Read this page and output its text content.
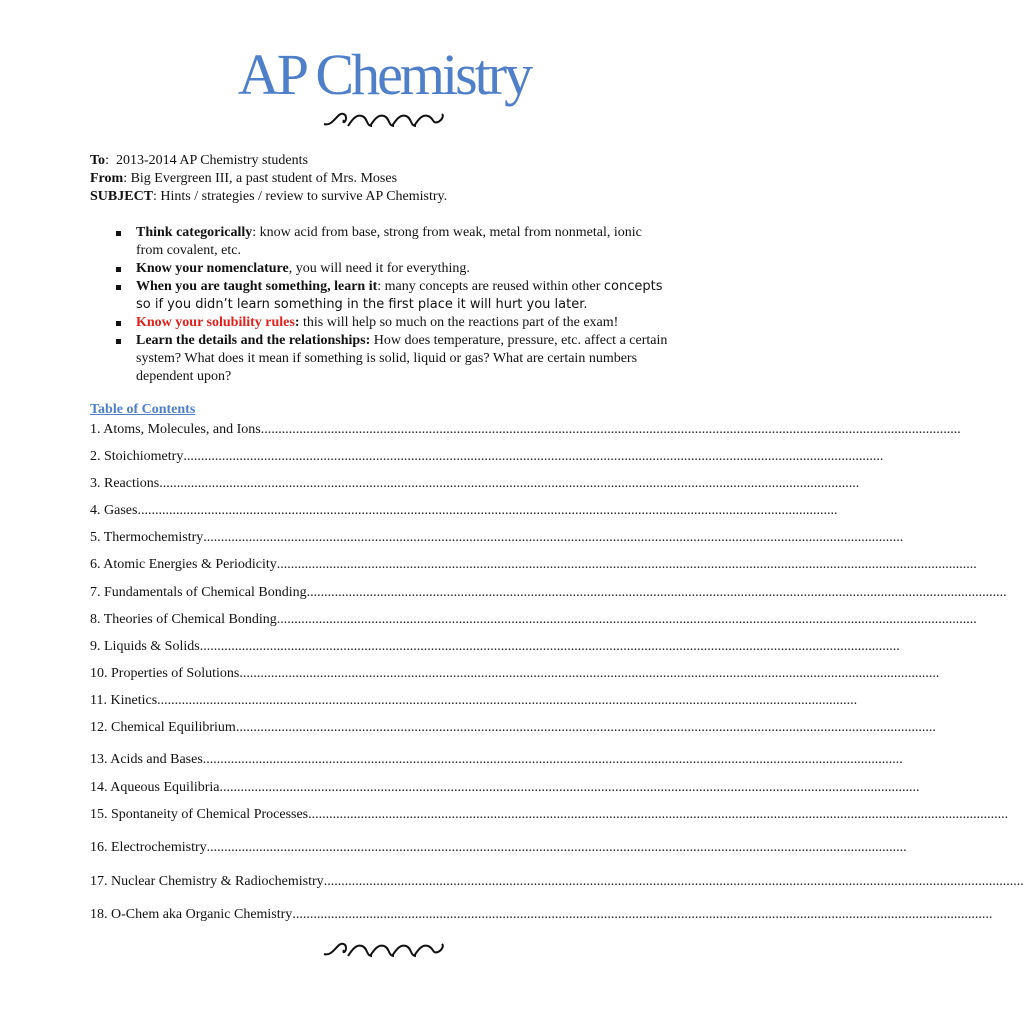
AP Chemistry
To:  2013-2014 AP Chemistry students
From: Big Evergreen III, a past student of Mrs. Moses
SUBJECT: Hints / strategies / review to survive AP Chemistry.
Think categorically: know acid from base, strong from weak, metal from nonmetal, ionic from covalent, etc.
Know your nomenclature, you will need it for everything.
When you are taught something, learn it: many concepts are reused within other concepts so if you didn’t learn something in the first place it will hurt you later.
Know your solubility rules: this will help so much on the reactions part of the exam!
Learn the details and the relationships: How does temperature, pressure, etc. affect a certain system? What does it mean if something is solid, liquid or gas? What are certain numbers dependent upon?
Table of Contents
1. Atoms, Molecules, and Ions ........................................................................................................................................................................................................
2. Stoichiometry ........................................................................................................................................................................................................
3. Reactions ........................................................................................................................................................................................................
4. Gases ........................................................................................................................................................................................................
5. Thermochemistry ........................................................................................................................................................................................................
6. Atomic Energies & Periodicity ........................................................................................................................................................................................................
7. Fundamentals of Chemical Bonding ........................................................................................................................................................................................................
8. Theories of Chemical Bonding ........................................................................................................................................................................................................
9. Liquids & Solids ........................................................................................................................................................................................................
10. Properties of Solutions ........................................................................................................................................................................................................
11. Kinetics ........................................................................................................................................................................................................
12. Chemical Equilibrium ........................................................................................................................................................................................................
13. Acids and Bases ........................................................................................................................................................................................................
14. Aqueous Equilibria ........................................................................................................................................................................................................
15. Spontaneity of Chemical Processes ........................................................................................................................................................................................................
16. Electrochemistry ........................................................................................................................................................................................................
17. Nuclear Chemistry & Radiochemistry ........................................................................................................................................................................................................
18. O-Chem aka Organic Chemistry ........................................................................................................................................................................................................
